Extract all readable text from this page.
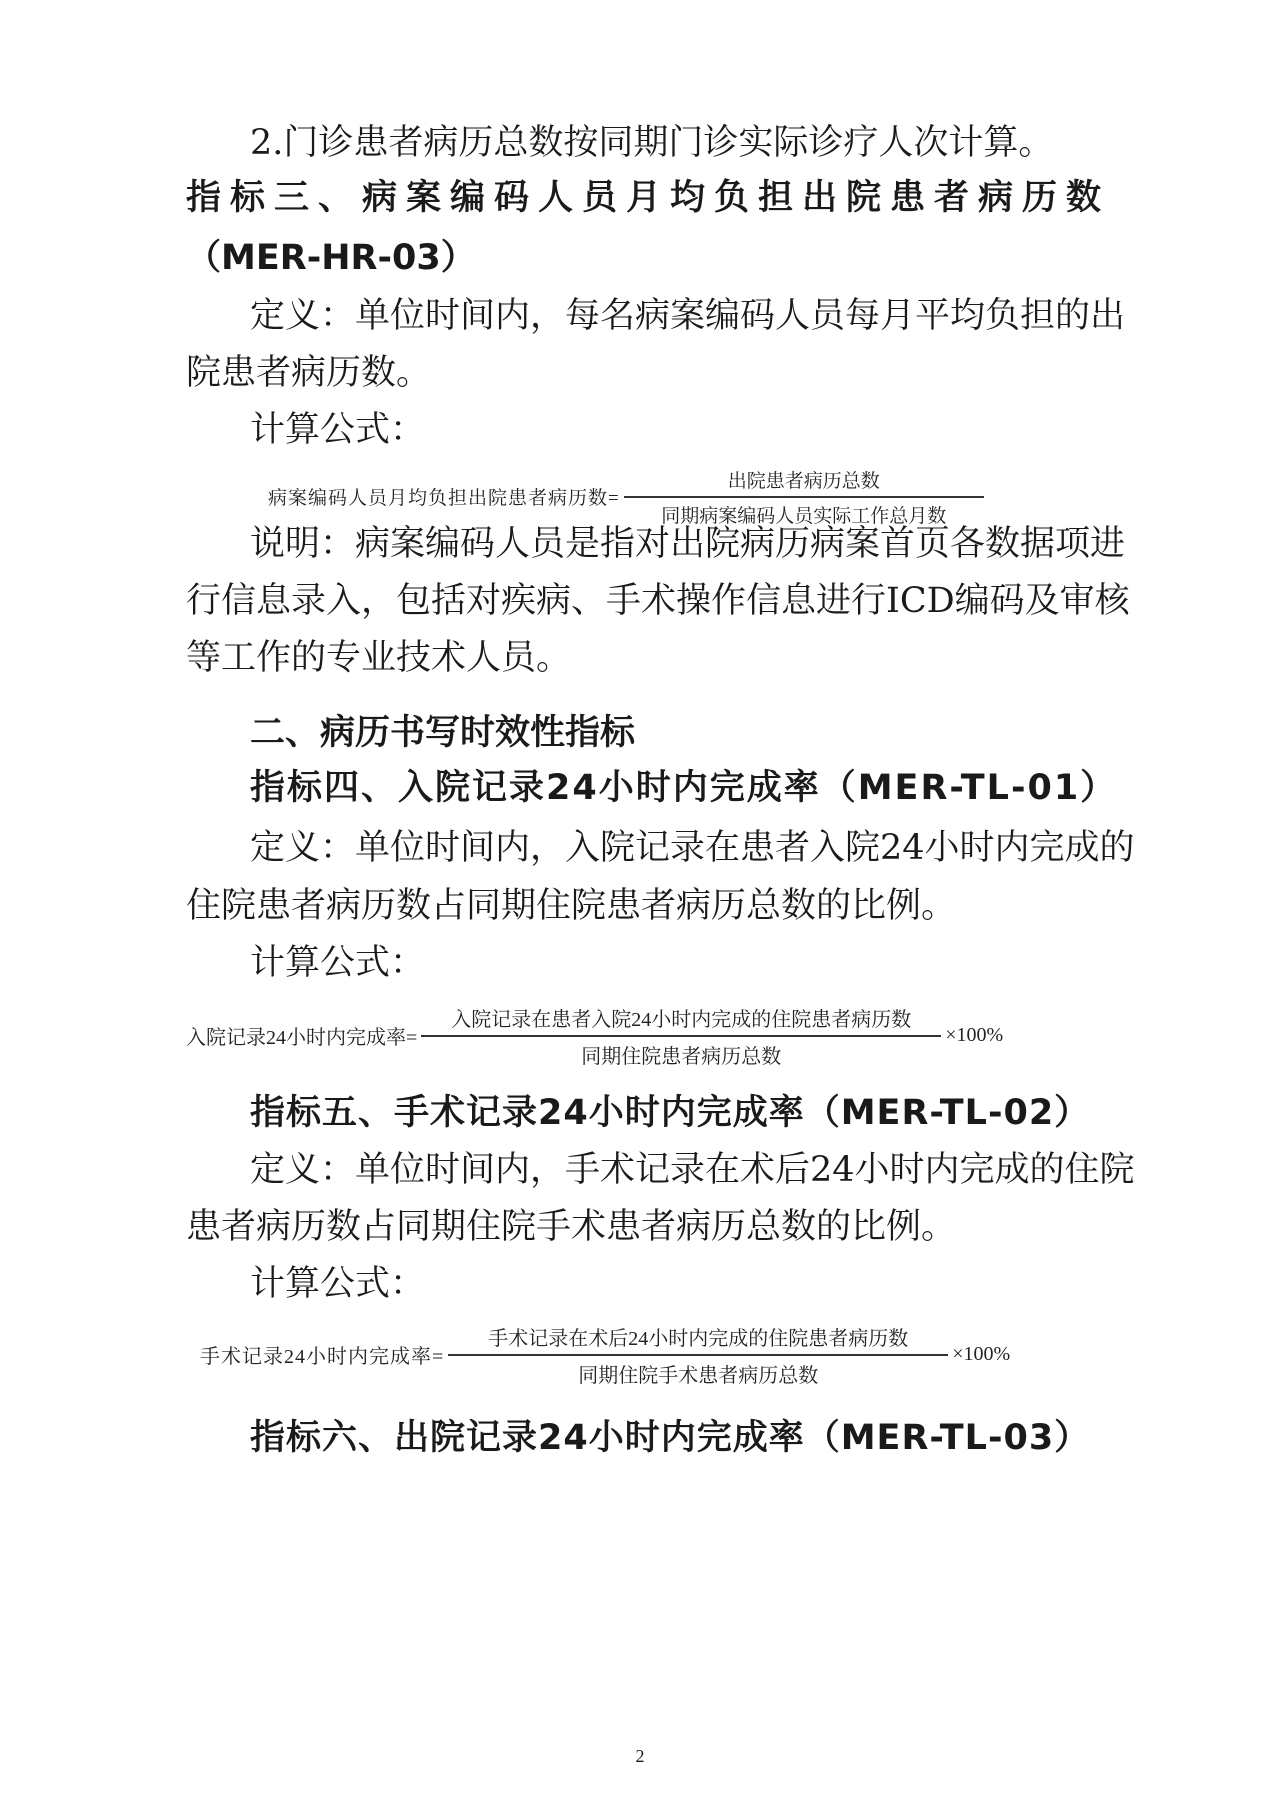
2.门诊患者病历总数按同期门诊实际诊疗人次计算。
指标三、病案编码人员月均负担出院患者病历数
（MER-HR-03）
定义：单位时间内，每名病案编码人员每月平均负担的出
院患者病历数。
计算公式：
病案编码人员月均负担出院患者病历数= $\frac{\text{出院患者病历总数}}{\text{同期病案编码人员实际工作总月数}}$
说明：病案编码人员是指对出院病历病案首页各数据项进
行信息录入，包括对疾病、手术操作信息进行ICD编码及审核
等工作的专业技术人员。
二、病历书写时效性指标
指标四、入院记录24小时内完成率（MER-TL-01）
定义：单位时间内，入院记录在患者入院24小时内完成的
住院患者病历数占同期住院患者病历总数的比例。
计算公式：
入院记录24小时内完成率= $\frac{\text{入院记录在患者入院24小时内完成的住院患者病历数}}{\text{同期住院患者病历总数}} \times 100\%$
指标五、手术记录24小时内完成率（MER-TL-02）
定义：单位时间内，手术记录在术后24小时内完成的住院
患者病历数占同期住院手术患者病历总数的比例。
计算公式：
手术记录24小时内完成率= $\frac{\text{手术记录在术后24小时内完成的住院患者病历数}}{\text{同期住院手术患者病历总数}} \times 100\%$
指标六、出院记录24小时内完成率（MER-TL-03）
2
